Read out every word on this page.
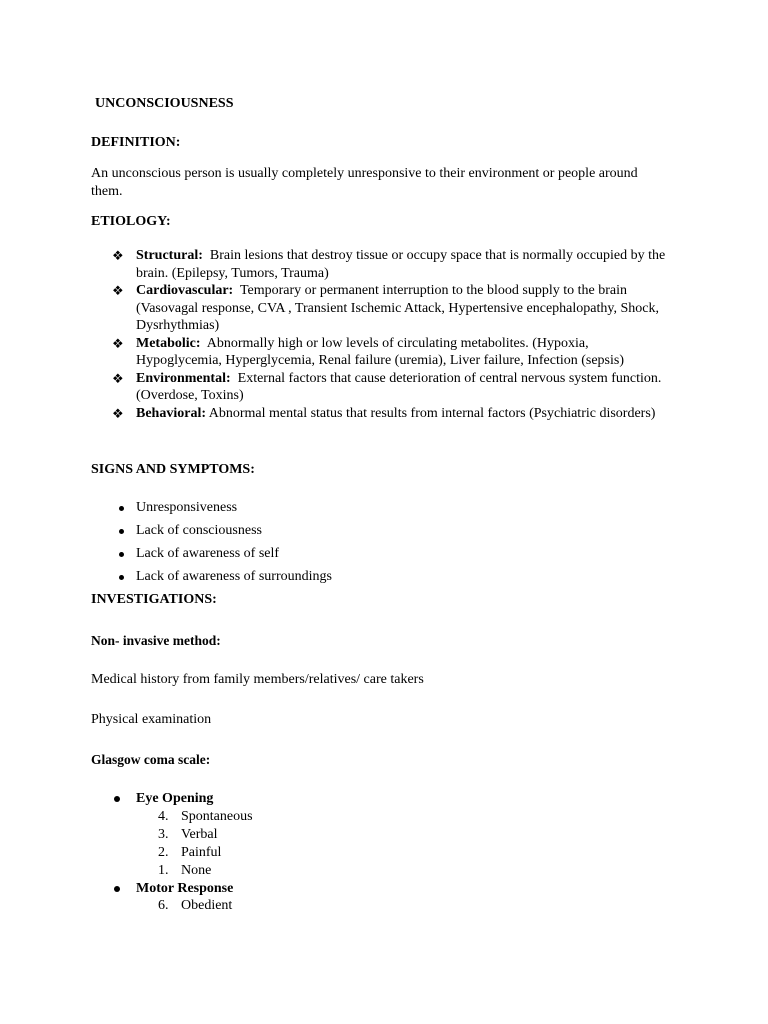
UNCONSCIOUSNESS
DEFINITION:

An unconscious person is usually completely unresponsive to their environment or people around them.

ETIOLOGY:
❖ Structural: Brain lesions that destroy tissue or occupy space that is normally occupied by the brain. (Epilepsy, Tumors, Trauma)
❖ Cardiovascular: Temporary or permanent interruption to the blood supply to the brain (Vasovagal response, CVA , Transient Ischemic Attack, Hypertensive encephalopathy, Shock, Dysrhythmias)
❖ Metabolic: Abnormally high or low levels of circulating metabolites. (Hypoxia, Hypoglycemia, Hyperglycemia, Renal failure (uremia), Liver failure, Infection (sepsis)
❖ Environmental: External factors that cause deterioration of central nervous system function. (Overdose, Toxins)
❖ Behavioral: Abnormal mental status that results from internal factors (Psychiatric disorders)
SIGNS AND SYMPTOMS:
Unresponsiveness
Lack of consciousness
Lack of awareness of self
Lack of awareness of surroundings
INVESTIGATIONS:
Non- invasive method:

Medical history from family members/relatives/ care takers

Physical examination

Glasgow coma scale:
Eye Opening
4. Spontaneous
3. Verbal
2. Painful
1. None
Motor Response
6. Obedient
